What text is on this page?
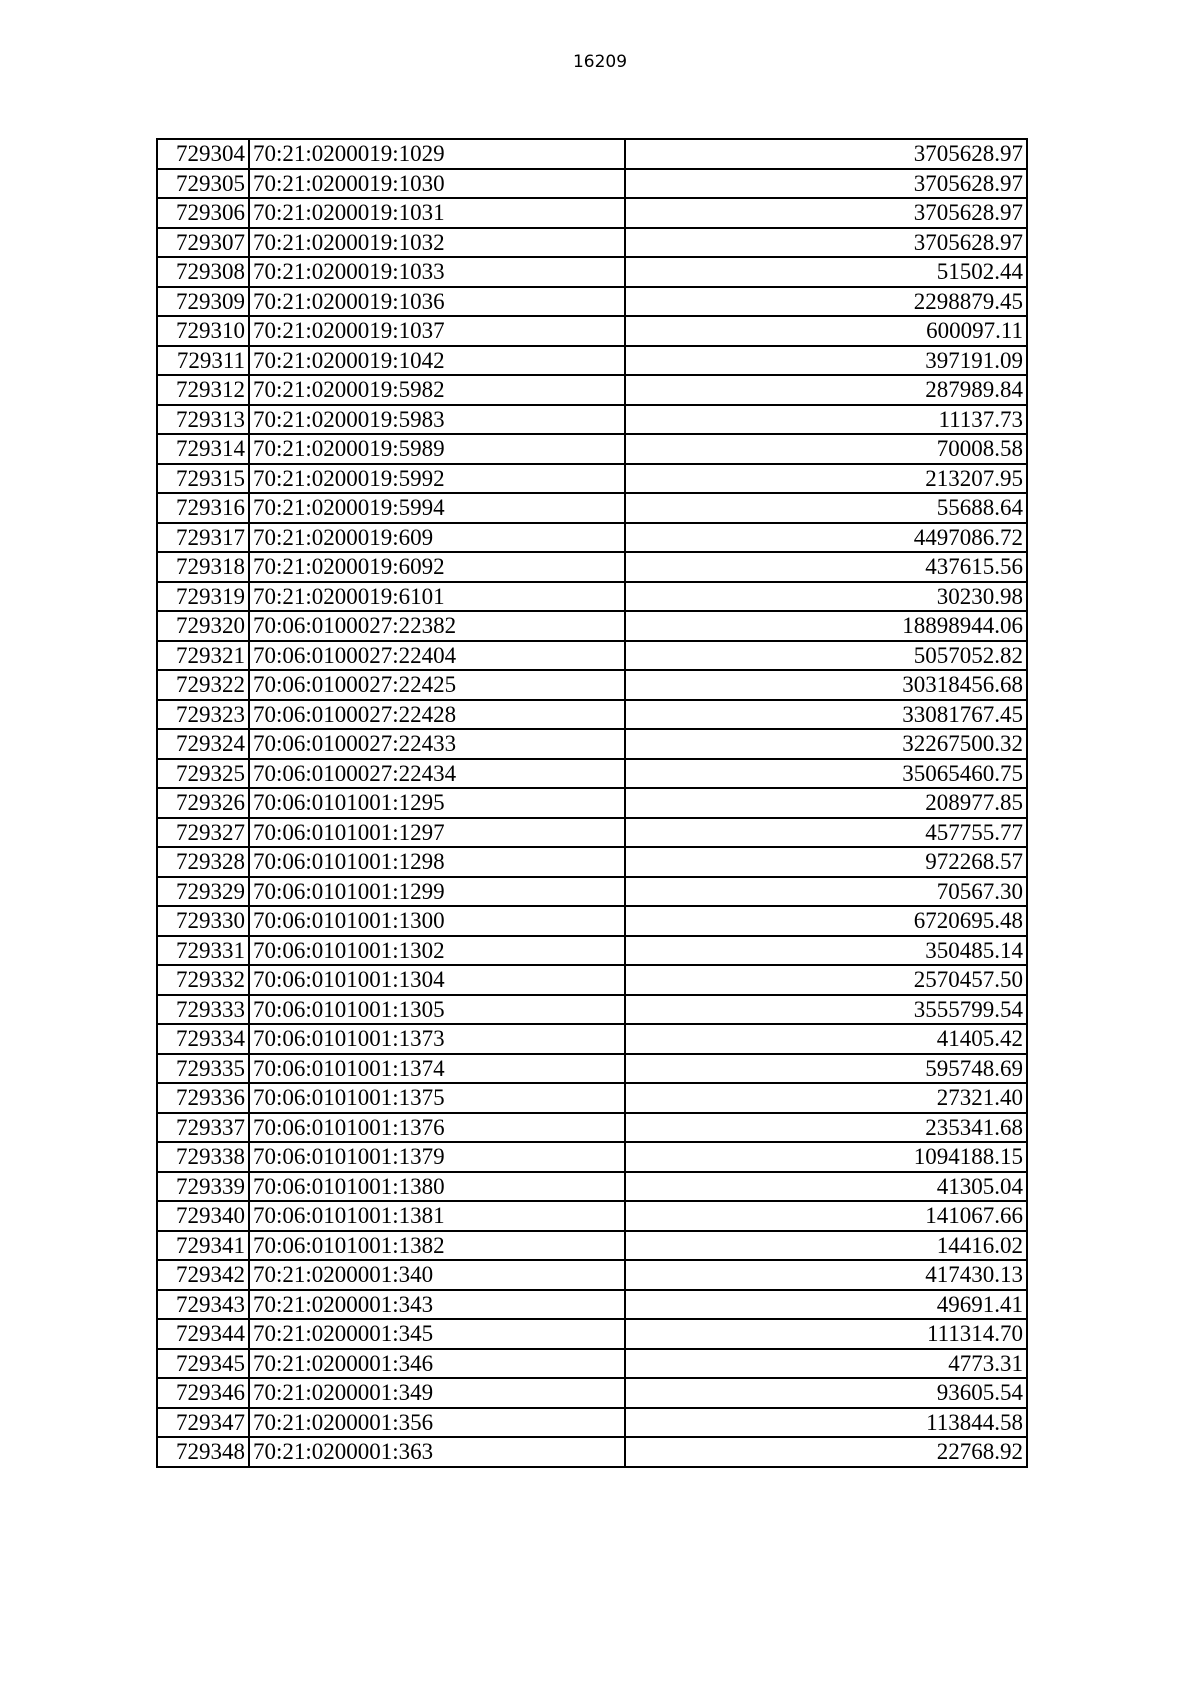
16209
729304	70:21:0200019:1029	3705628.97
729305	70:21:0200019:1030	3705628.97
729306	70:21:0200019:1031	3705628.97
729307	70:21:0200019:1032	3705628.97
729308	70:21:0200019:1033	51502.44
729309	70:21:0200019:1036	2298879.45
729310	70:21:0200019:1037	600097.11
729311	70:21:0200019:1042	397191.09
729312	70:21:0200019:5982	287989.84
729313	70:21:0200019:5983	11137.73
729314	70:21:0200019:5989	70008.58
729315	70:21:0200019:5992	213207.95
729316	70:21:0200019:5994	55688.64
729317	70:21:0200019:609	4497086.72
729318	70:21:0200019:6092	437615.56
729319	70:21:0200019:6101	30230.98
729320	70:06:0100027:22382	18898944.06
729321	70:06:0100027:22404	5057052.82
729322	70:06:0100027:22425	30318456.68
729323	70:06:0100027:22428	33081767.45
729324	70:06:0100027:22433	32267500.32
729325	70:06:0100027:22434	35065460.75
729326	70:06:0101001:1295	208977.85
729327	70:06:0101001:1297	457755.77
729328	70:06:0101001:1298	972268.57
729329	70:06:0101001:1299	70567.30
729330	70:06:0101001:1300	6720695.48
729331	70:06:0101001:1302	350485.14
729332	70:06:0101001:1304	2570457.50
729333	70:06:0101001:1305	3555799.54
729334	70:06:0101001:1373	41405.42
729335	70:06:0101001:1374	595748.69
729336	70:06:0101001:1375	27321.40
729337	70:06:0101001:1376	235341.68
729338	70:06:0101001:1379	1094188.15
729339	70:06:0101001:1380	41305.04
729340	70:06:0101001:1381	141067.66
729341	70:06:0101001:1382	14416.02
729342	70:21:0200001:340	417430.13
729343	70:21:0200001:343	49691.41
729344	70:21:0200001:345	111314.70
729345	70:21:0200001:346	4773.31
729346	70:21:0200001:349	93605.54
729347	70:21:0200001:356	113844.58
729348	70:21:0200001:363	22768.92
